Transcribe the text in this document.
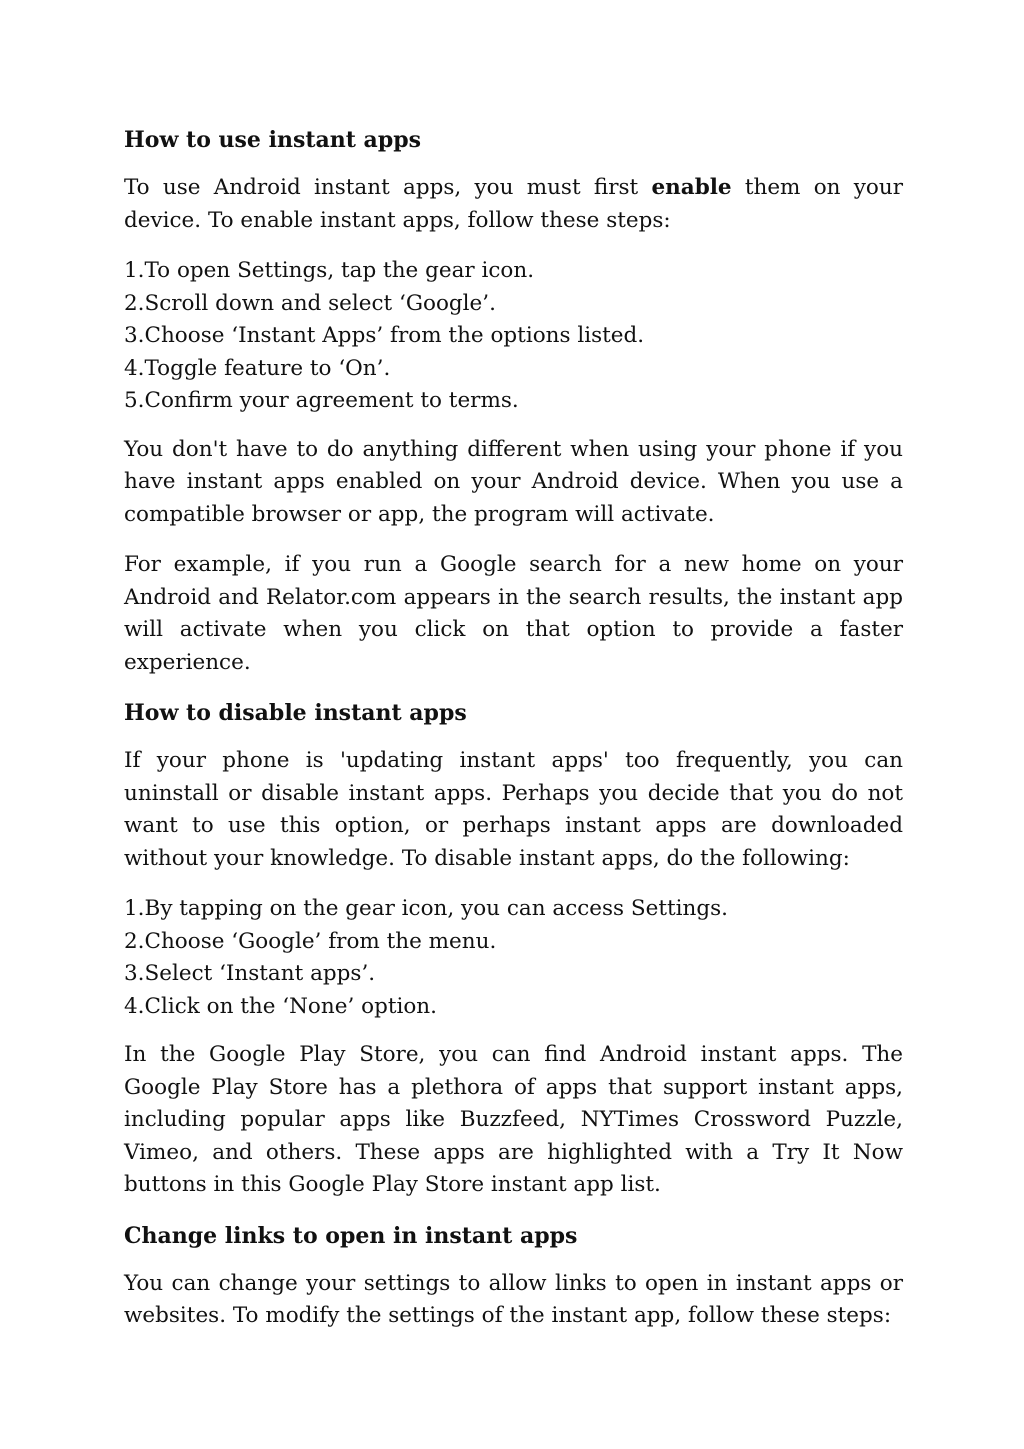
How to use instant apps

To use Android instant apps, you must first enable them on your device. To enable instant apps, follow these steps:

1.To open Settings, tap the gear icon.
2.Scroll down and select ‘Google’.
3.Choose ‘Instant Apps’ from the options listed.
4.Toggle feature to ‘On’.
5.Confirm your agreement to terms.

You don't have to do anything different when using your phone if you have instant apps enabled on your Android device. When you use a compatible browser or app, the program will activate.

For example, if you run a Google search for a new home on your Android and Relator.com appears in the search results, the instant app will activate when you click on that option to provide a faster experience.

How to disable instant apps

If your phone is 'updating instant apps' too frequently, you can uninstall or disable instant apps. Perhaps you decide that you do not want to use this option, or perhaps instant apps are downloaded without your knowledge. To disable instant apps, do the following:

1.By tapping on the gear icon, you can access Settings.
2.Choose ‘Google’ from the menu.
3.Select ‘Instant apps’.
4.Click on the ‘None’ option.

In the Google Play Store, you can find Android instant apps. The Google Play Store has a plethora of apps that support instant apps, including popular apps like Buzzfeed, NYTimes Crossword Puzzle, Vimeo, and others. These apps are highlighted with a Try It Now buttons in this Google Play Store instant app list.

Change links to open in instant apps

You can change your settings to allow links to open in instant apps or websites. To modify the settings of the instant app, follow these steps:
